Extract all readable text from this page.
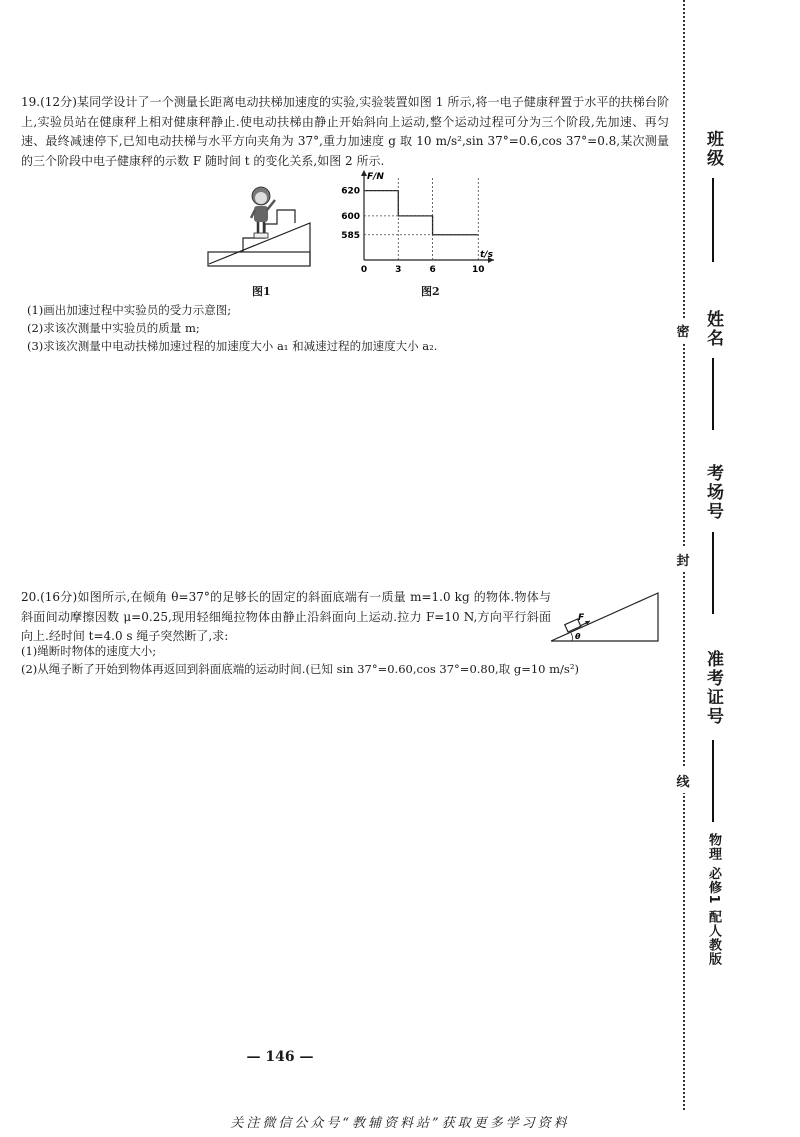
19.(12分)某同学设计了一个测量长距离电动扶梯加速度的实验,实验装置如图 1 所示,将一电子健康秤置于水平的扶梯台阶上,实验员站在健康秤上相对健康秤静止.使电动扶梯由静止开始斜向上运动,整个运动过程可分为三个阶段,先加速、再匀速、最终减速停下,已知电动扶梯与水平方向夹角为 37°,重力加速度 g 取 10 m/s²,sin 37°=0.6,cos 37°=0.8,某次测量的三个阶段中电子健康秤的示数 F 随时间 t 的变化关系,如图 2 所示.

图1
F/N
t/s
620
600
585
0	3	6	10
图2
(1)画出加速过程中实验员的受力示意图;
(2)求该次测量中实验员的质量 m;
(3)求该次测量中电动扶梯加速过程的加速度大小 a₁ 和减速过程的加速度大小 a₂.

20.(16分)如图所示,在倾角 θ=37°的足够长的固定的斜面底端有一质量 m=1.0 kg 的物体.物体与斜面间动摩擦因数 μ=0.25,现用轻细绳拉物体由静止沿斜面向上运动.拉力 F=10 N,方向平行斜面向上.经时间 t=4.0 s 绳子突然断了,求:

F
θ
(1)绳断时物体的速度大小;
(2)从绳子断了开始到物体再返回到斜面底端的运动时间.(已知 sin 37°=0.60,cos 37°=0.80,取 g=10 m/s²)
密
封
线
班级
姓名
考场号
准考证号
物理 必修1 配人教版
— 146 —
关注微信公众号“教辅资料站”获取更多学习资料
